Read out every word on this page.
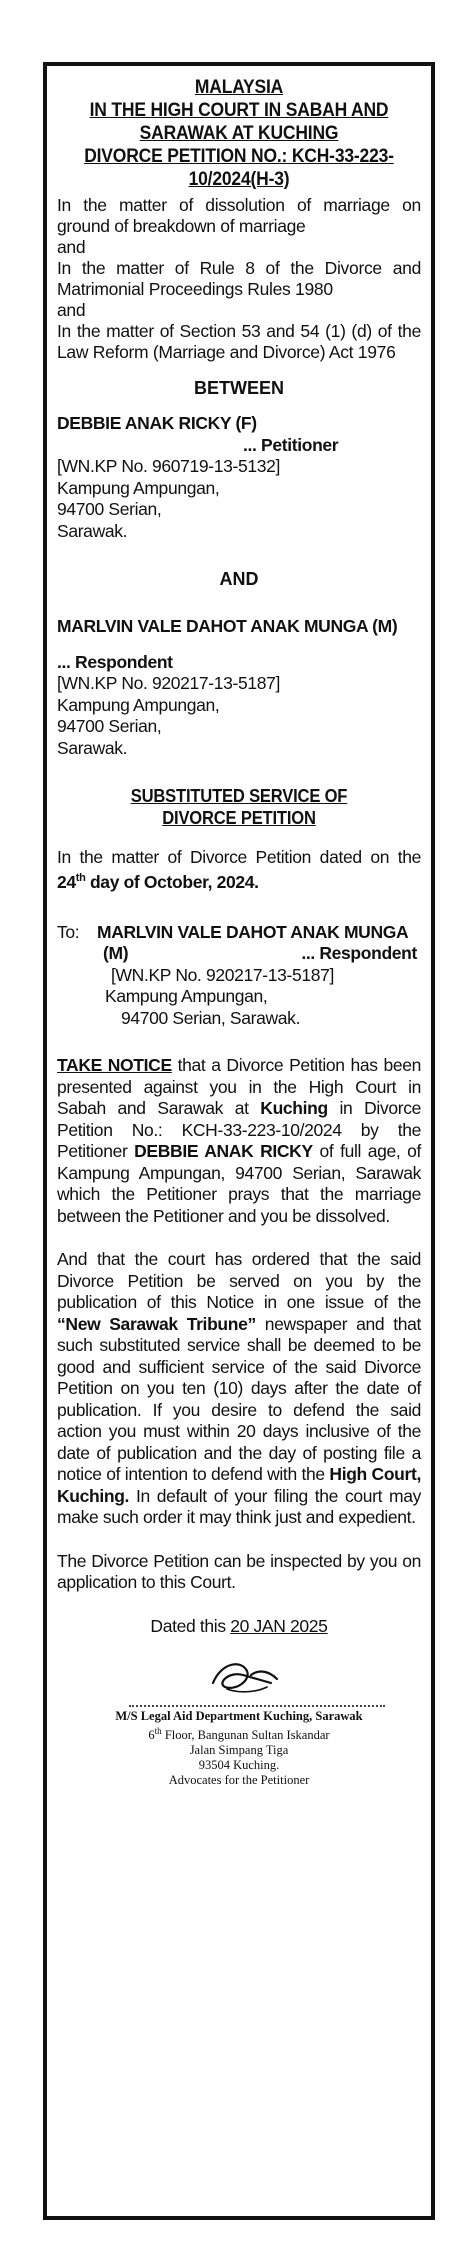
MALAYSIA
IN THE HIGH COURT IN SABAH AND
SARAWAK AT KUCHING
DIVORCE PETITION NO.: KCH-33-223-
10/2024(H-3)

In the matter of dissolution of marriage on ground of breakdown of marriage

and

In the matter of Rule 8 of the Divorce and Matrimonial Proceedings Rules 1980

and

In the matter of Section 53 and 54 (1) (d) of the Law Reform (Marriage and Divorce) Act 1976

BETWEEN
DEBBIE ANAK RICKY (F)
... Petitioner
[WN.KP No. 960719-13-5132]
Kampung Ampungan,
94700 Serian,
Sarawak.
AND
MARLVIN VALE DAHOT ANAK MUNGA (M)
... Respondent
[WN.KP No. 920217-13-5187]
Kampung Ampungan,
94700 Serian,
Sarawak.
SUBSTITUTED SERVICE OF
DIVORCE PETITION

In the matter of Divorce Petition dated on the 24th day of October, 2024.

To:	MARLVIN VALE DAHOT ANAK MUNGA
(M)	... Respondent
[WN.KP No. 920217-13-5187]
Kampung Ampungan,
94700 Serian, Sarawak.

TAKE NOTICE that a Divorce Petition has been presented against you in the High Court in Sabah and Sarawak at Kuching in Divorce Petition No.: KCH-33-223-10/2024 by the Petitioner DEBBIE ANAK RICKY of full age, of Kampung Ampungan, 94700 Serian, Sarawak which the Petitioner prays that the marriage between the Petitioner and you be dissolved.

And that the court has ordered that the said Divorce Petition be served on you by the publication of this Notice in one issue of the “New Sarawak Tribune” newspaper and that such substituted service shall be deemed to be good and sufficient service of the said Divorce Petition on you ten (10) days after the date of publication. If you desire to defend the said action you must within 20 days inclusive of the date of publication and the day of posting file a notice of intention to defend with the High Court, Kuching. In default of your filing the court may make such order it may think just and expedient.

The Divorce Petition can be inspected by you on application to this Court.

Dated this 20 JAN 2025
M/S Legal Aid Department Kuching, Sarawak
6th Floor, Bangunan Sultan Iskandar
Jalan Simpang Tiga
93504 Kuching.
Advocates for the Petitioner
